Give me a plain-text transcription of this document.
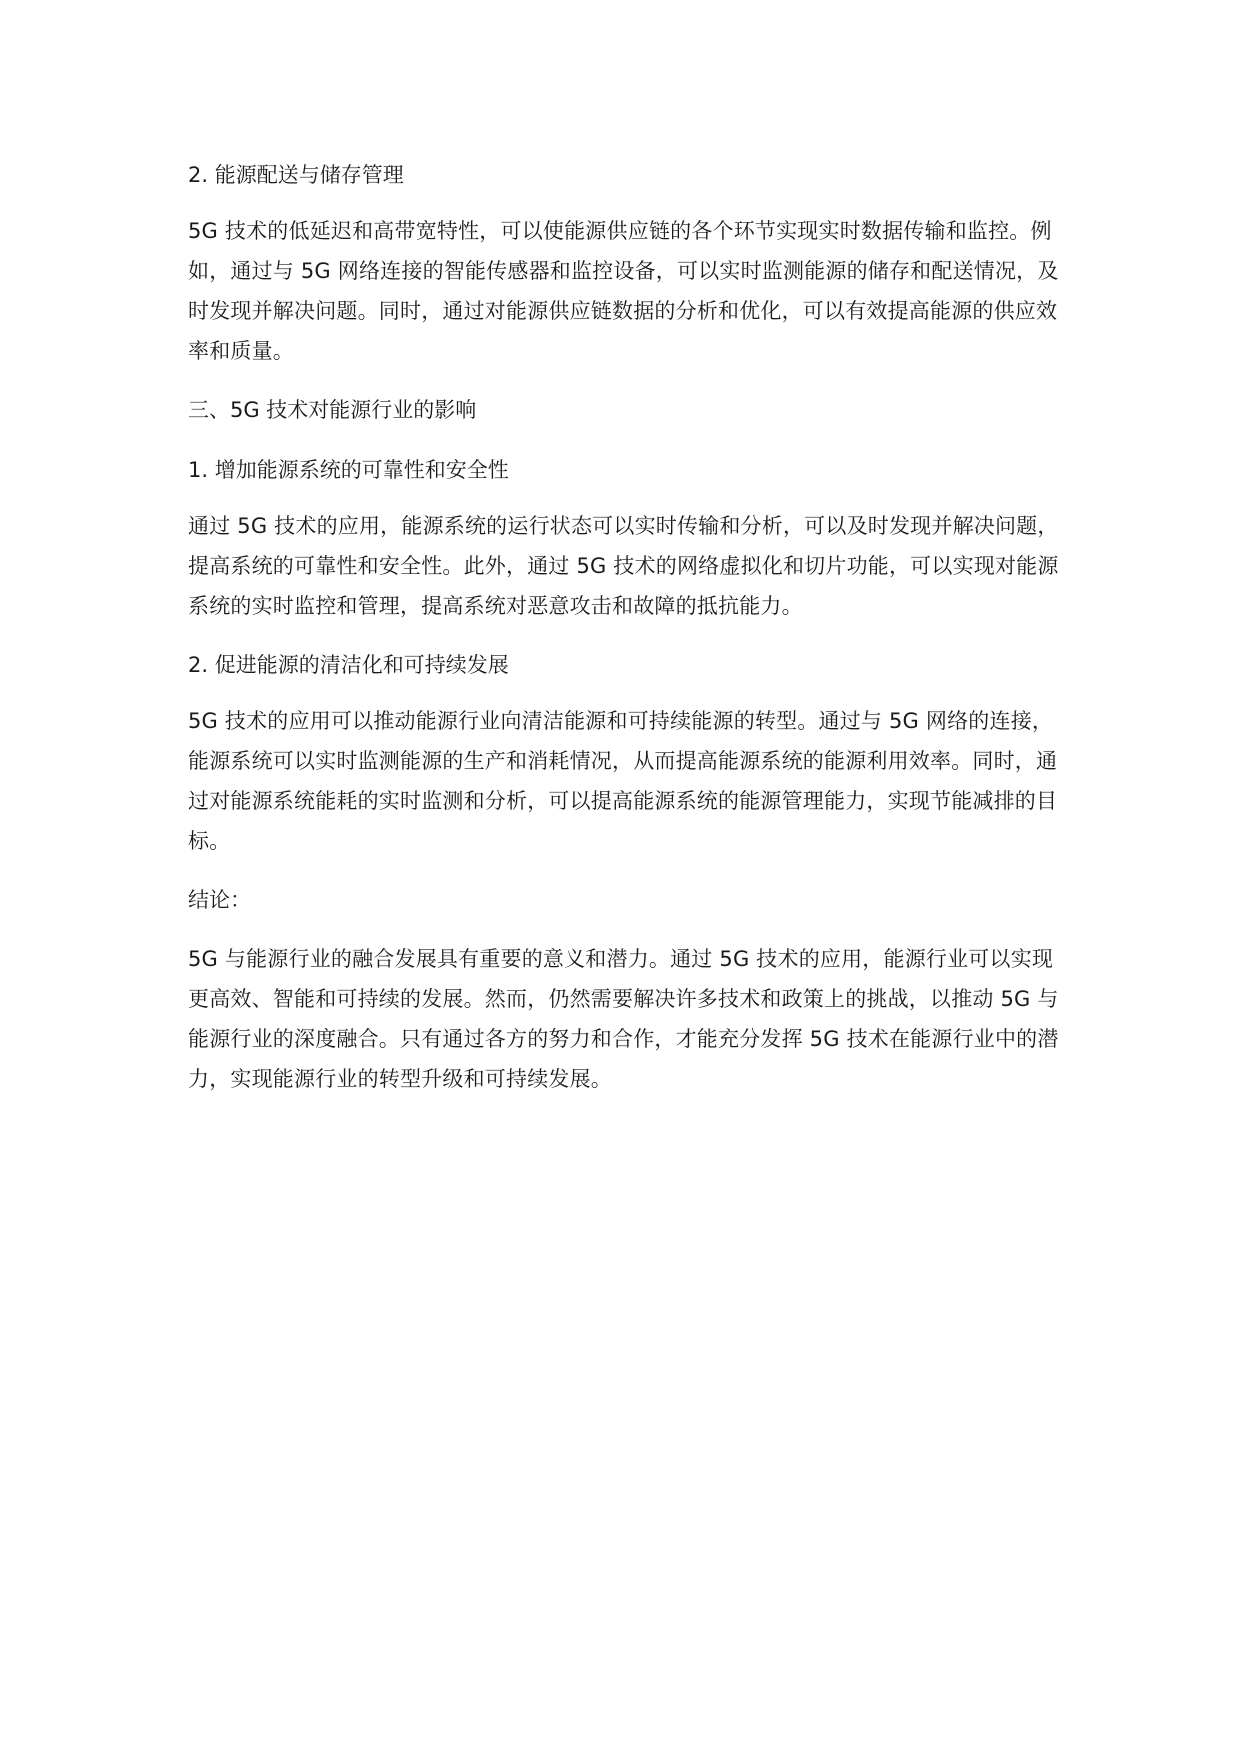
2. 能源配送与储存管理

5G 技术的低延迟和高带宽特性，可以使能源供应链的各个环节实现实时数据传输和监控。例如，通过与 5G 网络连接的智能传感器和监控设备，可以实时监测能源的储存和配送情况，及时发现并解决问题。同时，通过对能源供应链数据的分析和优化，可以有效提高能源的供应效率和质量。

三、5G 技术对能源行业的影响
1. 增加能源系统的可靠性和安全性

通过 5G 技术的应用，能源系统的运行状态可以实时传输和分析，可以及时发现并解决问题，提高系统的可靠性和安全性。此外，通过 5G 技术的网络虚拟化和切片功能，可以实现对能源系统的实时监控和管理，提高系统对恶意攻击和故障的抵抗能力。

2. 促进能源的清洁化和可持续发展

5G 技术的应用可以推动能源行业向清洁能源和可持续能源的转型。通过与 5G 网络的连接，能源系统可以实时监测能源的生产和消耗情况，从而提高能源系统的能源利用效率。同时，通过对能源系统能耗的实时监测和分析，可以提高能源系统的能源管理能力，实现节能减排的目标。

结论：

5G 与能源行业的融合发展具有重要的意义和潜力。通过 5G 技术的应用，能源行业可以实现更高效、智能和可持续的发展。然而，仍然需要解决许多技术和政策上的挑战，以推动 5G 与能源行业的深度融合。只有通过各方的努力和合作，才能充分发挥 5G 技术在能源行业中的潜力，实现能源行业的转型升级和可持续发展。
